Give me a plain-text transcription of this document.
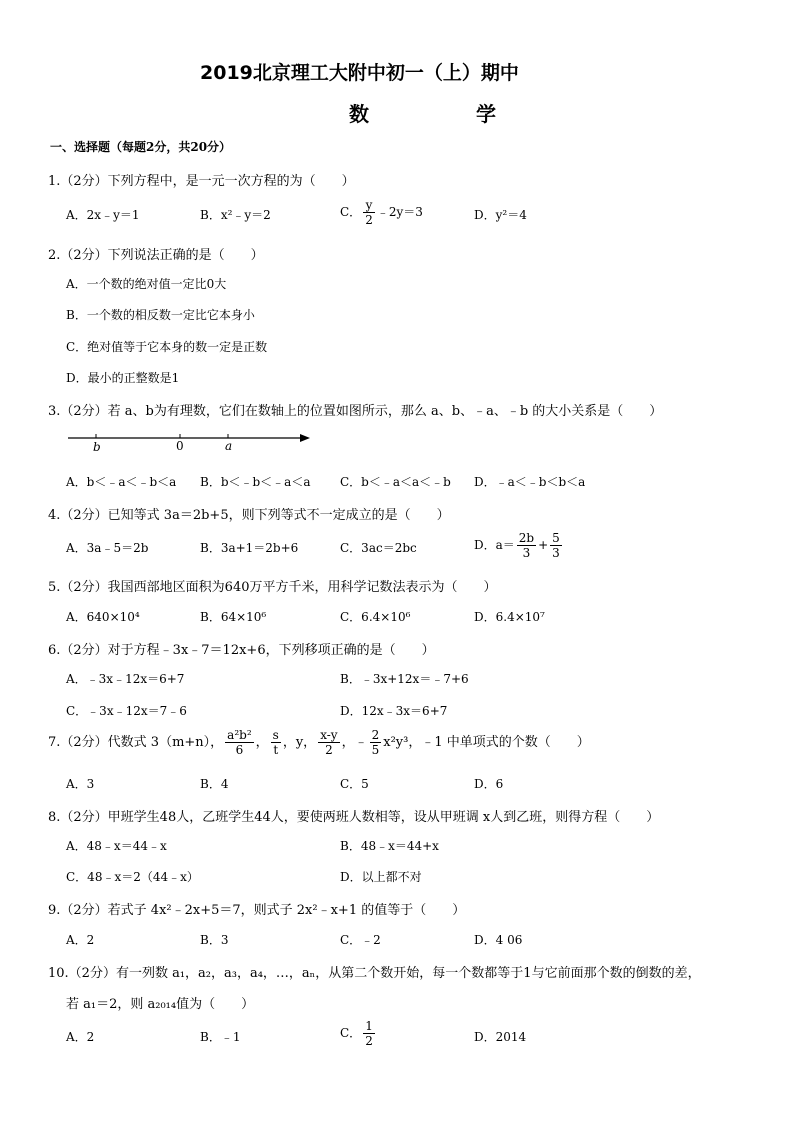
2019北京理工大附中初一（上）期中
数 学
一、选择题（每题2分，共20分）
1.（2分）下列方程中，是一元一次方程的为（　　）
A．2x﹣y＝1	B．x²﹣y＝2	C． $\frac{y}{2}$ ﹣2y＝3	D．y²＝4
2.（2分）下列说法正确的是（　　）
A．一个数的绝对值一定比0大
B．一个数的相反数一定比它本身小
C．绝对值等于它本身的数一定是正数
D．最小的正整数是1
3.（2分）若 a、b为有理数，它们在数轴上的位置如图所示，那么 a、b、﹣a、﹣b 的大小关系是（　　）
b	0	a
A．b＜﹣a＜﹣b＜a B．b＜﹣b＜﹣a＜a C．b＜﹣a＜a＜﹣b D．﹣a＜﹣b＜b＜a
4.（2分）已知等式 3a＝2b+5，则下列等式不一定成立的是（　　）
A．3a﹣5＝2b	B．3a+1＝2b+6	C．3ac＝2bc	D．$a= \frac{2b}{3} + \frac{5}{3}$
5.（2分）我国西部地区面积为640万平方千米，用科学记数法表示为（　　）
A．640×10⁴	B．64×10⁶	C．6.4×10⁶	D．6.4×10⁷
6.（2分）对于方程﹣3x﹣7＝12x+6，下列移项正确的是（　　）
A．﹣3x﹣12x＝6+7	B．﹣3x+12x＝﹣7+6
C．﹣3x﹣12x＝7﹣6	D．12x﹣3x＝6+7
7.（2分）代数式 3（m+n）， $\frac{\text{a²b²}}{6}$ ， $\frac{s}{t}$ ，y， $\frac{x-y}{2}$ ，﹣ $\frac{2}{5} x^2y^3$，﹣1 中单项式的个数（　　）
A．3	B．4	C．5	D．6
8.（2分）甲班学生48人，乙班学生44人，要使两班人数相等，设从甲班调 x人到乙班，则得方程（　　）
A．48﹣x＝44﹣x	B．48﹣x＝44+x
C．48﹣x＝2（44﹣x）	D．以上都不对
9.（2分）若式子 4x²﹣2x+5＝7，则式子 2x²﹣x+1 的值等于（　　）
A．2	B．3	C．﹣2	D．4 06
10.（2分）有一列数 a₁，a₂，a₃，a₄，…，aₙ，从第二个数开始，每一个数都等于1与它前面那个数的倒数的差，
若 a₁＝2，则 a₂₀₁₄值为（　　）
A．2	B．﹣1	C． $\frac{1}{2}$	D．2014
